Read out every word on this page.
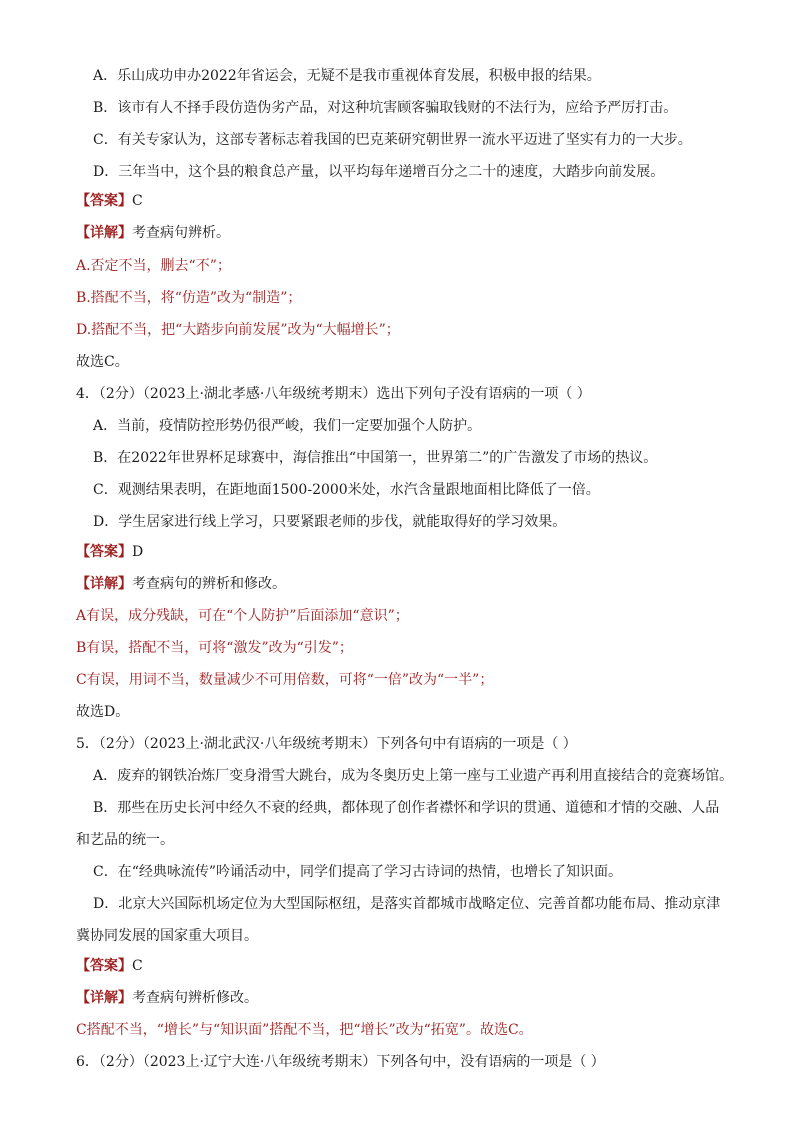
A．乐山成功申办2022年省运会，无疑不是我市重视体育发展，积极申报的结果。
B．该市有人不择手段仿造伪劣产品，对这种坑害顾客骗取钱财的不法行为，应给予严厉打击。
C．有关专家认为，这部专著标志着我国的巴克莱研究朝世界一流水平迈进了坚实有力的一大步。
D．三年当中，这个县的粮食总产量，以平均每年递增百分之二十的速度，大踏步向前发展。
【答案】C
【详解】考查病句辨析。
A.否定不当，删去“不”；
B.搭配不当，将“仿造”改为“制造”；
D.搭配不当，把“大踏步向前发展”改为“大幅增长”；
故选C。
4．（2分）（2023上·湖北孝感·八年级统考期末）选出下列句子没有语病的一项（ ）
A．当前，疫情防控形势仍很严峻，我们一定要加强个人防护。
B．在2022年世界杯足球赛中，海信推出“中国第一，世界第二”的广告激发了市场的热议。
C．观测结果表明，在距地面1500-2000米处，水汽含量跟地面相比降低了一倍。
D．学生居家进行线上学习，只要紧跟老师的步伐，就能取得好的学习效果。
【答案】D
【详解】考查病句的辨析和修改。
A有误，成分残缺，可在“个人防护”后面添加“意识”；
B有误，搭配不当，可将“激发”改为“引发”；
C有误，用词不当，数量减少不可用倍数，可将“一倍”改为“一半”；
故选D。
5．（2分）（2023上·湖北武汉·八年级统考期末）下列各句中有语病的一项是（ ）
A．废弃的钢铁冶炼厂变身滑雪大跳台，成为冬奥历史上第一座与工业遗产再利用直接结合的竞赛场馆。
B．那些在历史长河中经久不衰的经典，都体现了创作者襟怀和学识的贯通、道德和才情的交融、人品
和艺品的统一。
C．在“经典咏流传”吟诵活动中，同学们提高了学习古诗词的热情，也增长了知识面。
D．北京大兴国际机场定位为大型国际枢纽，是落实首都城市战略定位、完善首都功能布局、推动京津
冀协同发展的国家重大项目。
【答案】C
【详解】考查病句辨析修改。
C搭配不当，“增长”与“知识面”搭配不当，把“增长”改为“拓宽”。故选C。
6．（2分）（2023上·辽宁大连·八年级统考期末）下列各句中，没有语病的一项是（ ）
